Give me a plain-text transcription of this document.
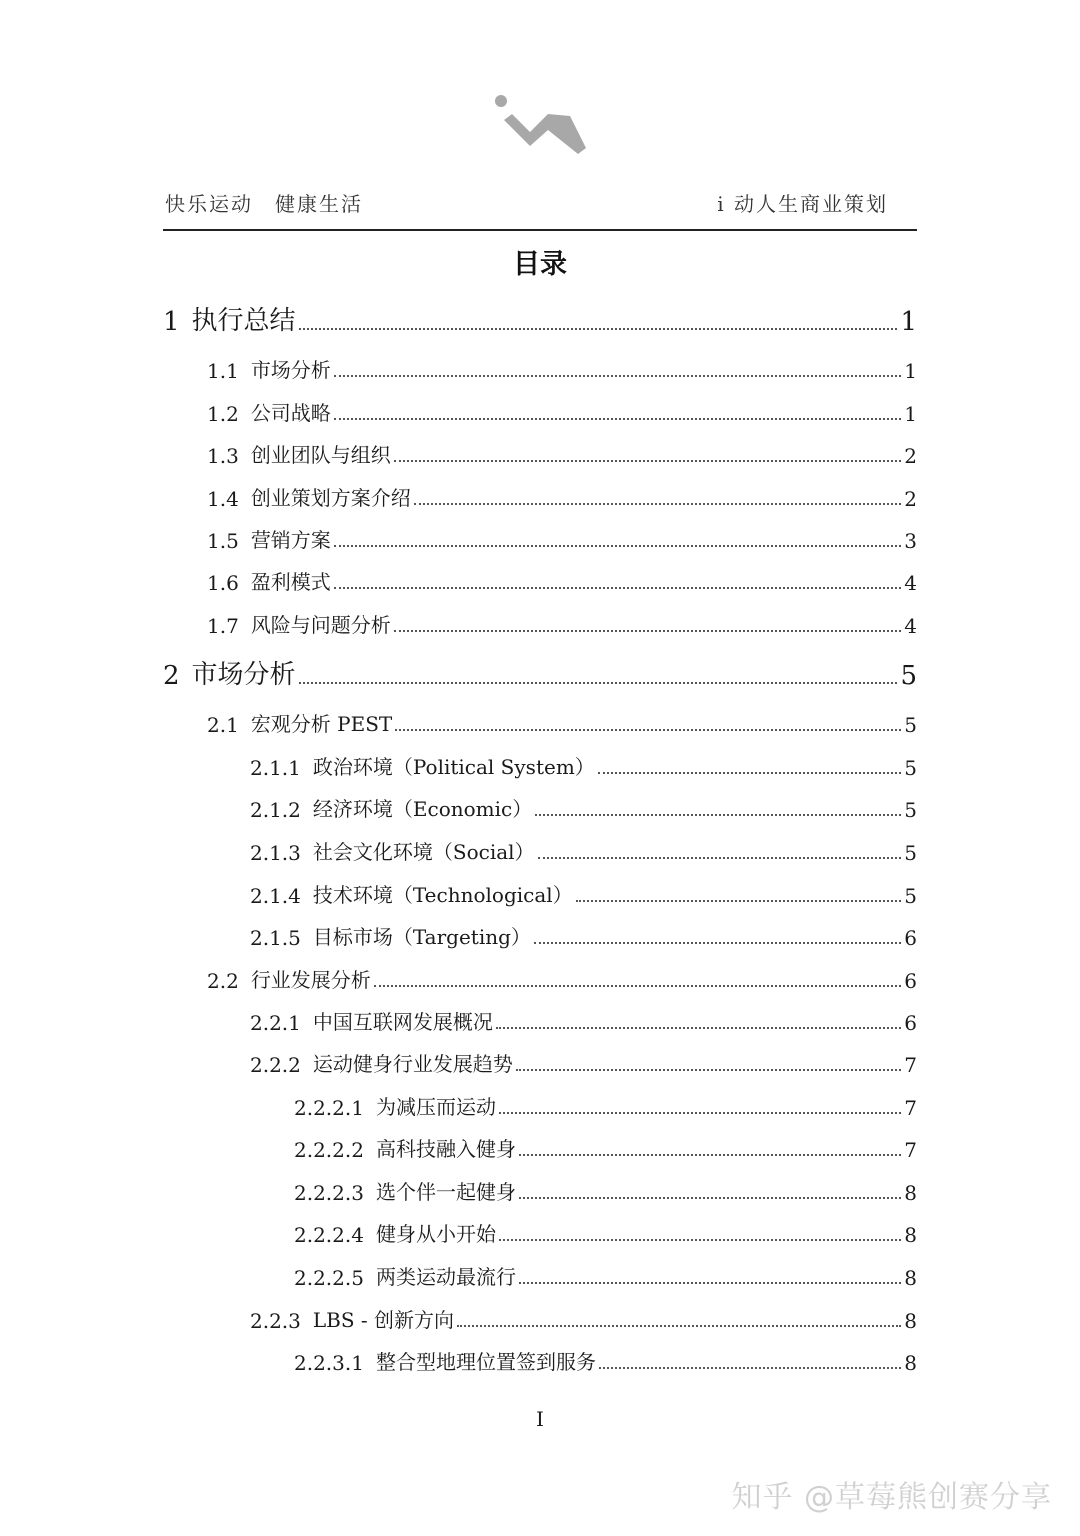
快乐运动　健康生活	i 动人生商业策划
目录
1 执行总结	1
1.1 市场分析	1
1.2 公司战略	1
1.3 创业团队与组织	2
1.4 创业策划方案介绍	2
1.5 营销方案	3
1.6 盈利模式	4
1.7 风险与问题分析	4
2 市场分析	5
2.1 宏观分析 PEST	5
2.1.1 政治环境（Political System）	5
2.1.2 经济环境（Economic）	5
2.1.3 社会文化环境（Social）	5
2.1.4 技术环境（Technological）	5
2.1.5 目标市场（Targeting）	6
2.2 行业发展分析	6
2.2.1 中国互联网发展概况	6
2.2.2 运动健身行业发展趋势	7
2.2.2.1 为减压而运动	7
2.2.2.2 高科技融入健身	7
2.2.2.3 选个伴一起健身	8
2.2.2.4 健身从小开始	8
2.2.2.5 两类运动最流行	8
2.2.3 LBS - 创新方向	8
2.2.3.1 整合型地理位置签到服务	8
I
知乎 @草莓熊创赛分享
